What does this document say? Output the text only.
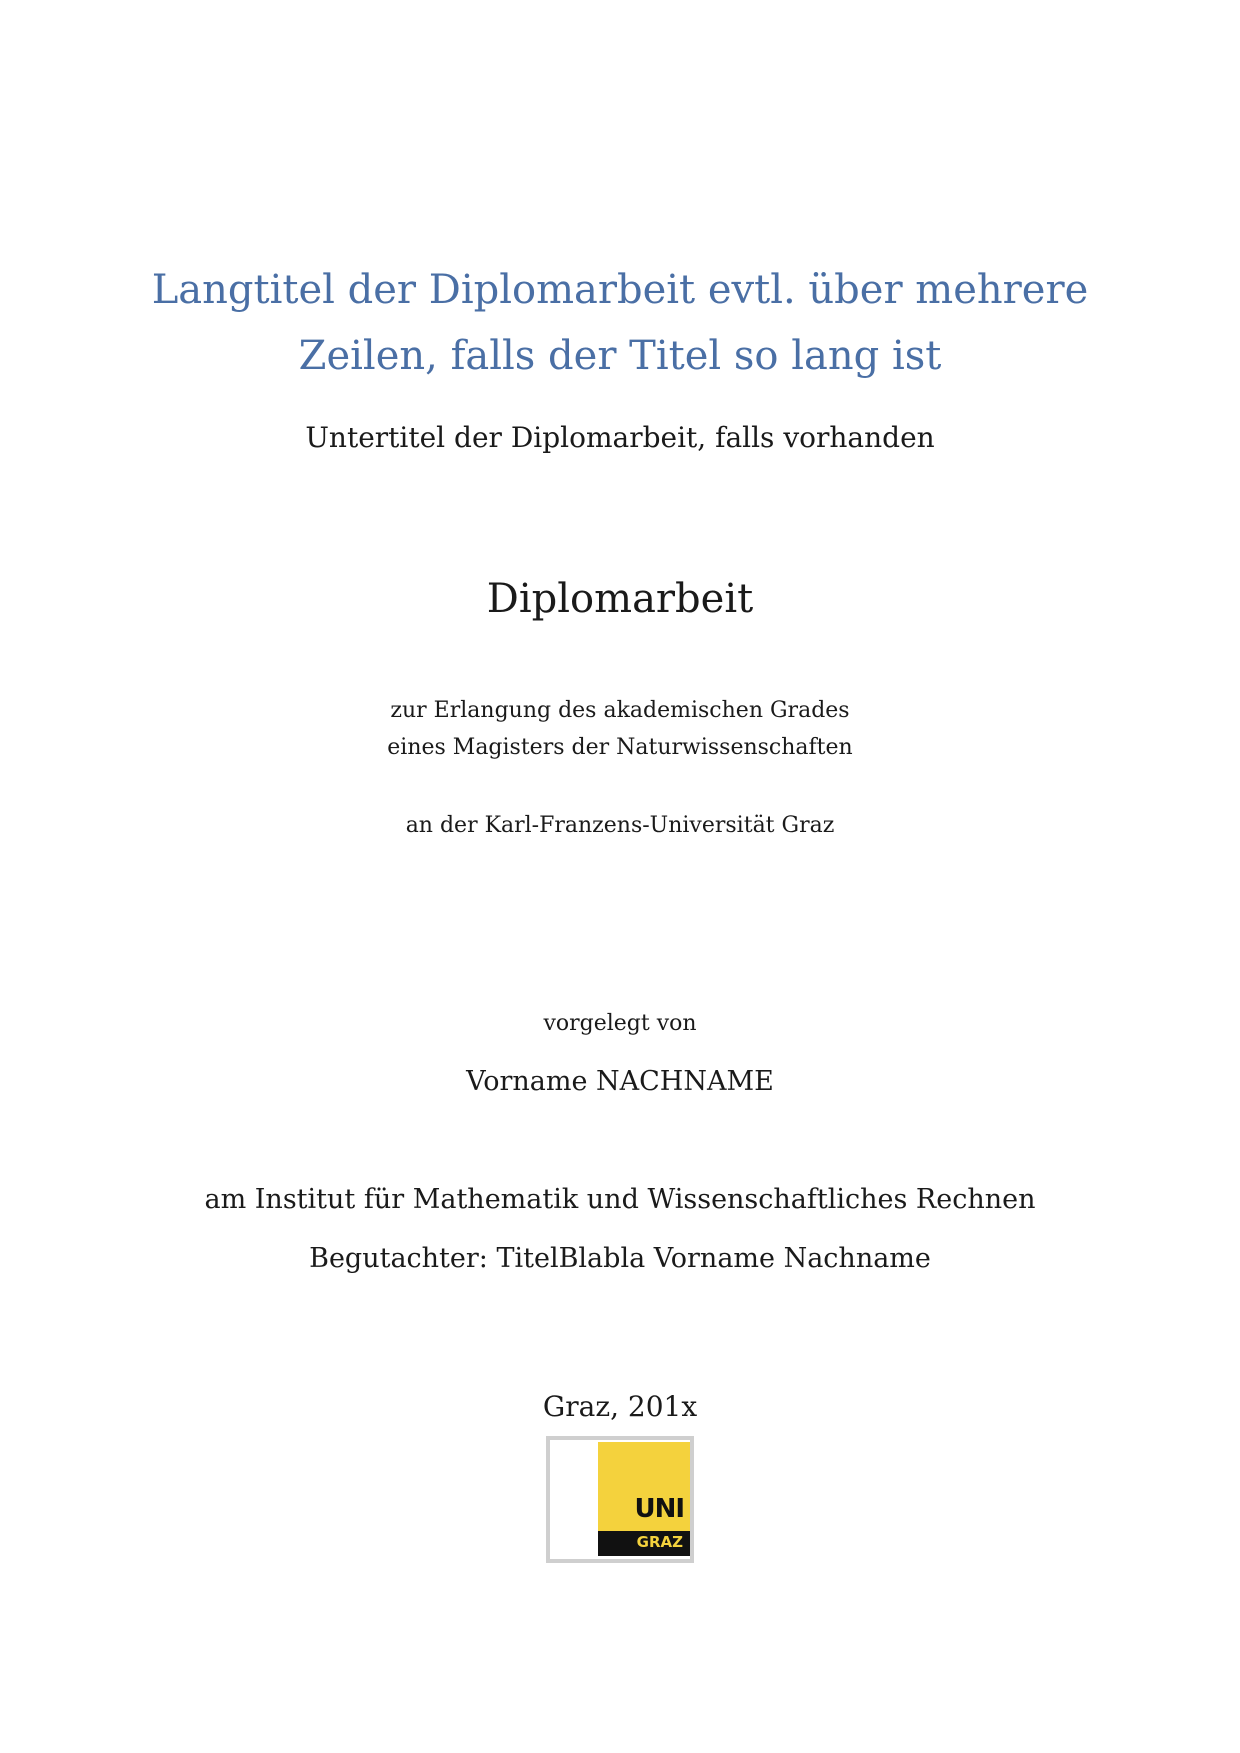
Langtitel der Diplomarbeit evtl. über mehrere
Zeilen, falls der Titel so lang ist
Untertitel der Diplomarbeit, falls vorhanden
Diplomarbeit
zur Erlangung des akademischen Grades
eines Magisters der Naturwissenschaften
an der Karl-Franzens-Universität Graz
vorgelegt von
Vorname NACHNAME
am Institut für Mathematik und Wissenschaftliches Rechnen
Begutachter: TitelBlabla Vorname Nachname
Graz, 201x
UNI
GRAZ
